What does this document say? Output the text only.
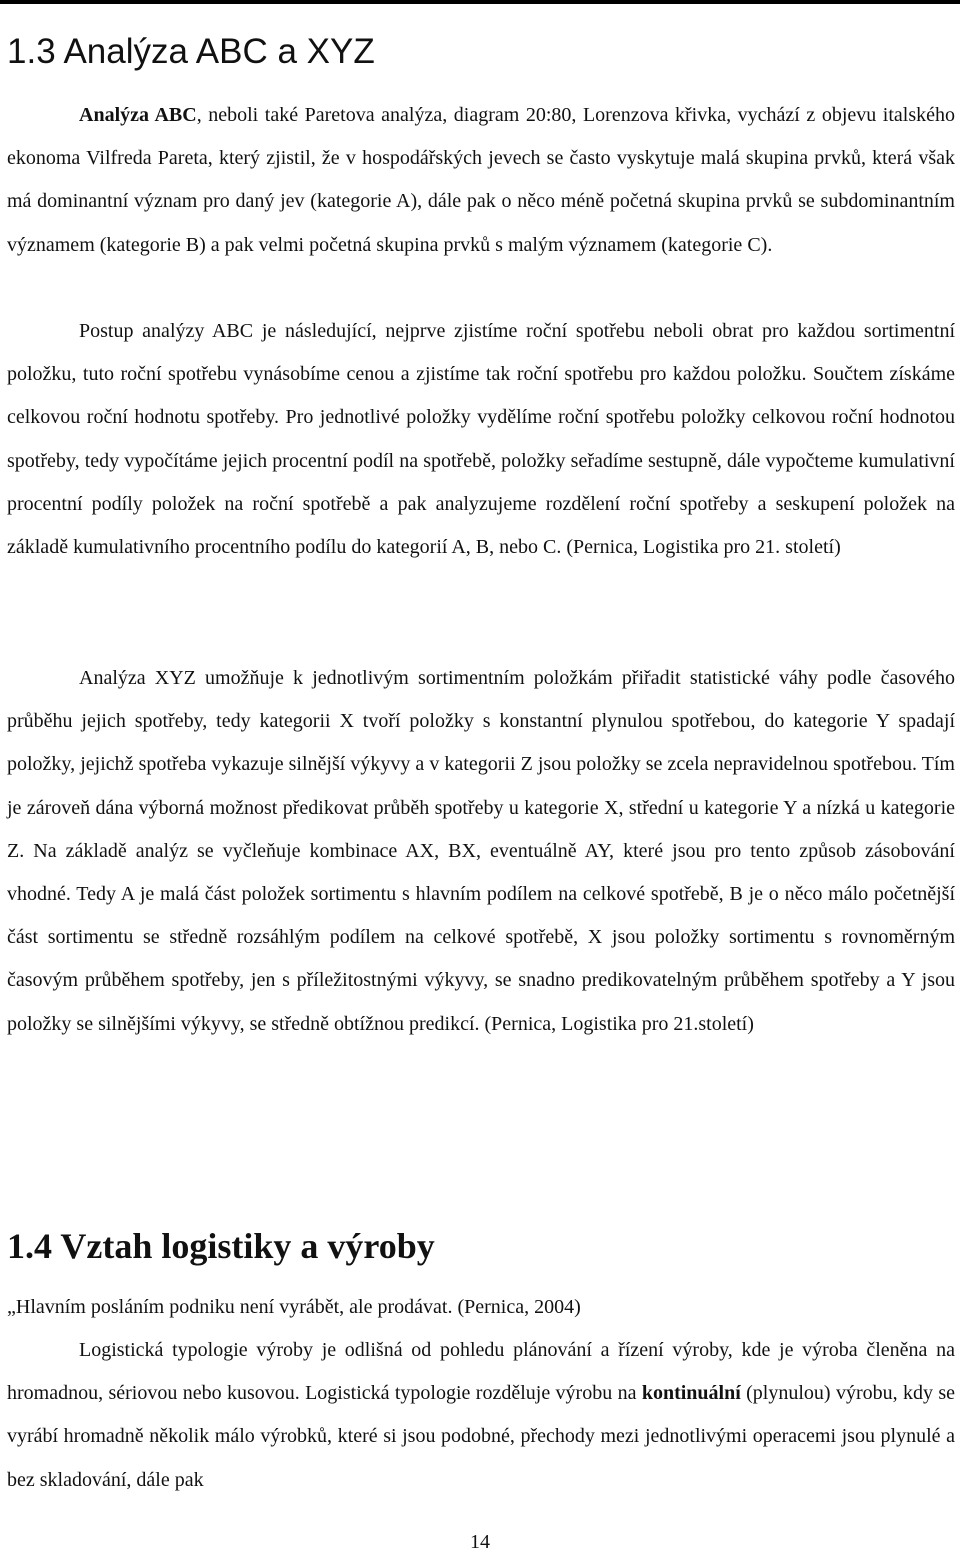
1.3 Analýza ABC a XYZ

Analýza ABC, neboli také Paretova analýza, diagram 20:80, Lorenzova křivka, vychází z objevu italského ekonoma Vilfreda Pareta, který zjistil, že v hospodářských jevech se často vyskytuje malá skupina prvků, která však má dominantní význam pro daný jev (kategorie A), dále pak o něco méně početná skupina prvků se subdominantním významem (kategorie B) a pak velmi početná skupina prvků s malým významem (kategorie C).

Postup analýzy ABC je následující, nejprve zjistíme roční spotřebu neboli obrat pro každou sortimentní položku, tuto roční spotřebu vynásobíme cenou a zjistíme tak roční spotřebu pro každou položku. Součtem získáme celkovou roční hodnotu spotřeby. Pro jednotlivé položky vydělíme roční spotřebu položky celkovou roční hodnotou spotřeby, tedy vypočítáme jejich procentní podíl na spotřebě, položky seřadíme sestupně, dále vypočteme kumulativní procentní podíly položek na roční spotřebě a pak analyzujeme rozdělení roční spotřeby a seskupení položek na základě kumulativního procentního podílu do kategorií A, B, nebo C. (Pernica, Logistika pro 21. století)

Analýza XYZ umožňuje k jednotlivým sortimentním položkám přiřadit statistické váhy podle časového průběhu jejich spotřeby, tedy kategorii X tvoří položky s konstantní plynulou spotřebou, do kategorie Y spadají položky, jejichž spotřeba vykazuje silnější výkyvy a v kategorii Z jsou položky se zcela nepravidelnou spotřebou. Tím je zároveň dána výborná možnost předikovat průběh spotřeby u kategorie X, střední u kategorie Y a nízká u kategorie Z. Na základě analýz se vyčleňuje kombinace AX, BX, eventuálně AY, které jsou pro tento způsob zásobování vhodné. Tedy A je malá část položek sortimentu s hlavním podílem na celkové spotřebě, B je o něco málo početnější část sortimentu se středně rozsáhlým podílem na celkové spotřebě, X jsou položky sortimentu s rovnoměrným časovým průběhem spotřeby, jen s příležitostnými výkyvy, se snadno predikovatelným průběhem spotřeby a Y jsou položky se silnějšími výkyvy, se středně obtížnou predikcí. (Pernica, Logistika pro 21.století)

1.4 Vztah logistiky a výroby

„Hlavním posláním podniku není vyrábět, ale prodávat. (Pernica, 2004)

Logistická typologie výroby je odlišná od pohledu plánování a řízení výroby, kde je výroba členěna na hromadnou, sériovou nebo kusovou. Logistická typologie rozděluje výrobu na kontinuální (plynulou) výrobu, kdy se vyrábí hromadně několik málo výrobků, které si jsou podobné, přechody mezi jednotlivými operacemi jsou plynulé a bez skladování, dále pak

14
